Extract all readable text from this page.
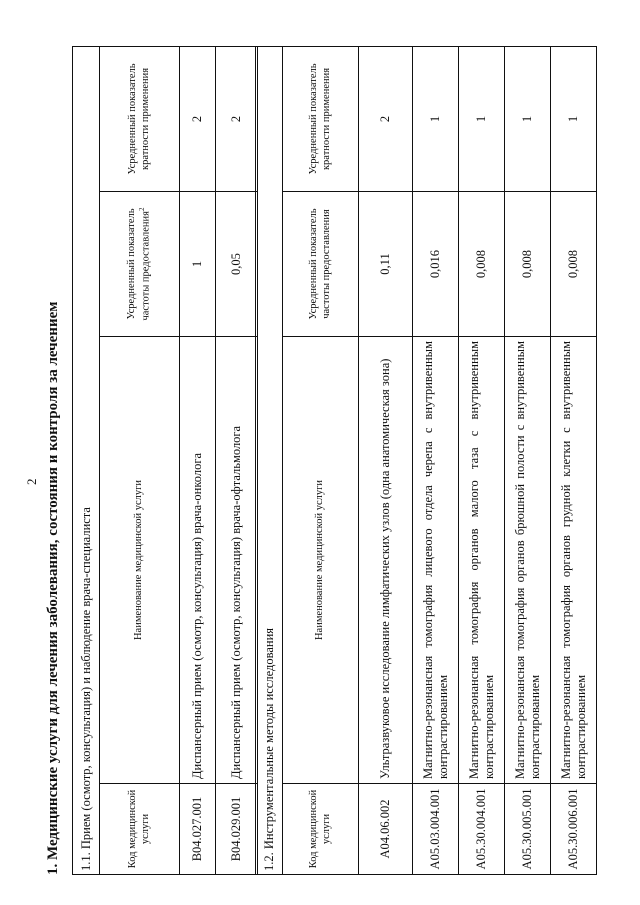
2 1. Медицинские услуги для лечения заболевания, состояния и контроля за лечением 1.1. Прием (осмотр, консультация) и наблюдение врача-специалиста			
Код медицинской услуги	Наименование медицинской услуги	Усредненный показатель частоты предоставления$^2$	Усредненный показатель кратности применения
B04.027.001	Диспансерный прием (осмотр, консультация) врача-онколога	1	2
B04.029.001	Диспансерный прием (осмотр, консультация) врача-офтальмолога	0,05	2
1.2. Инструментальные методы исследования			
Код медицинской услуги	Наименование медицинской услуги	Усредненный показатель частоты предоставления	Усредненный показатель кратности применения
A04.06.002	Ультразвуковое исследование лимфатических узлов (одна анатомическая зона)	0,11	2
A05.03.004.001	Магнитно-резонансная томография лицевого отдела черепа с внутривенным контрастированием	0,016	1
A05.30.004.001	Магнитно-резонансная томография органов малого таза с внутривенным контрастированием	0,008	1
A05.30.005.001	Магнитно-резонансная томография органов брюшной полости с внутривенным контрастированием	0,008	1
A05.30.006.001	Магнитно-резонансная томография органов грудной клетки с внутривенным контрастированием	0,008	1
